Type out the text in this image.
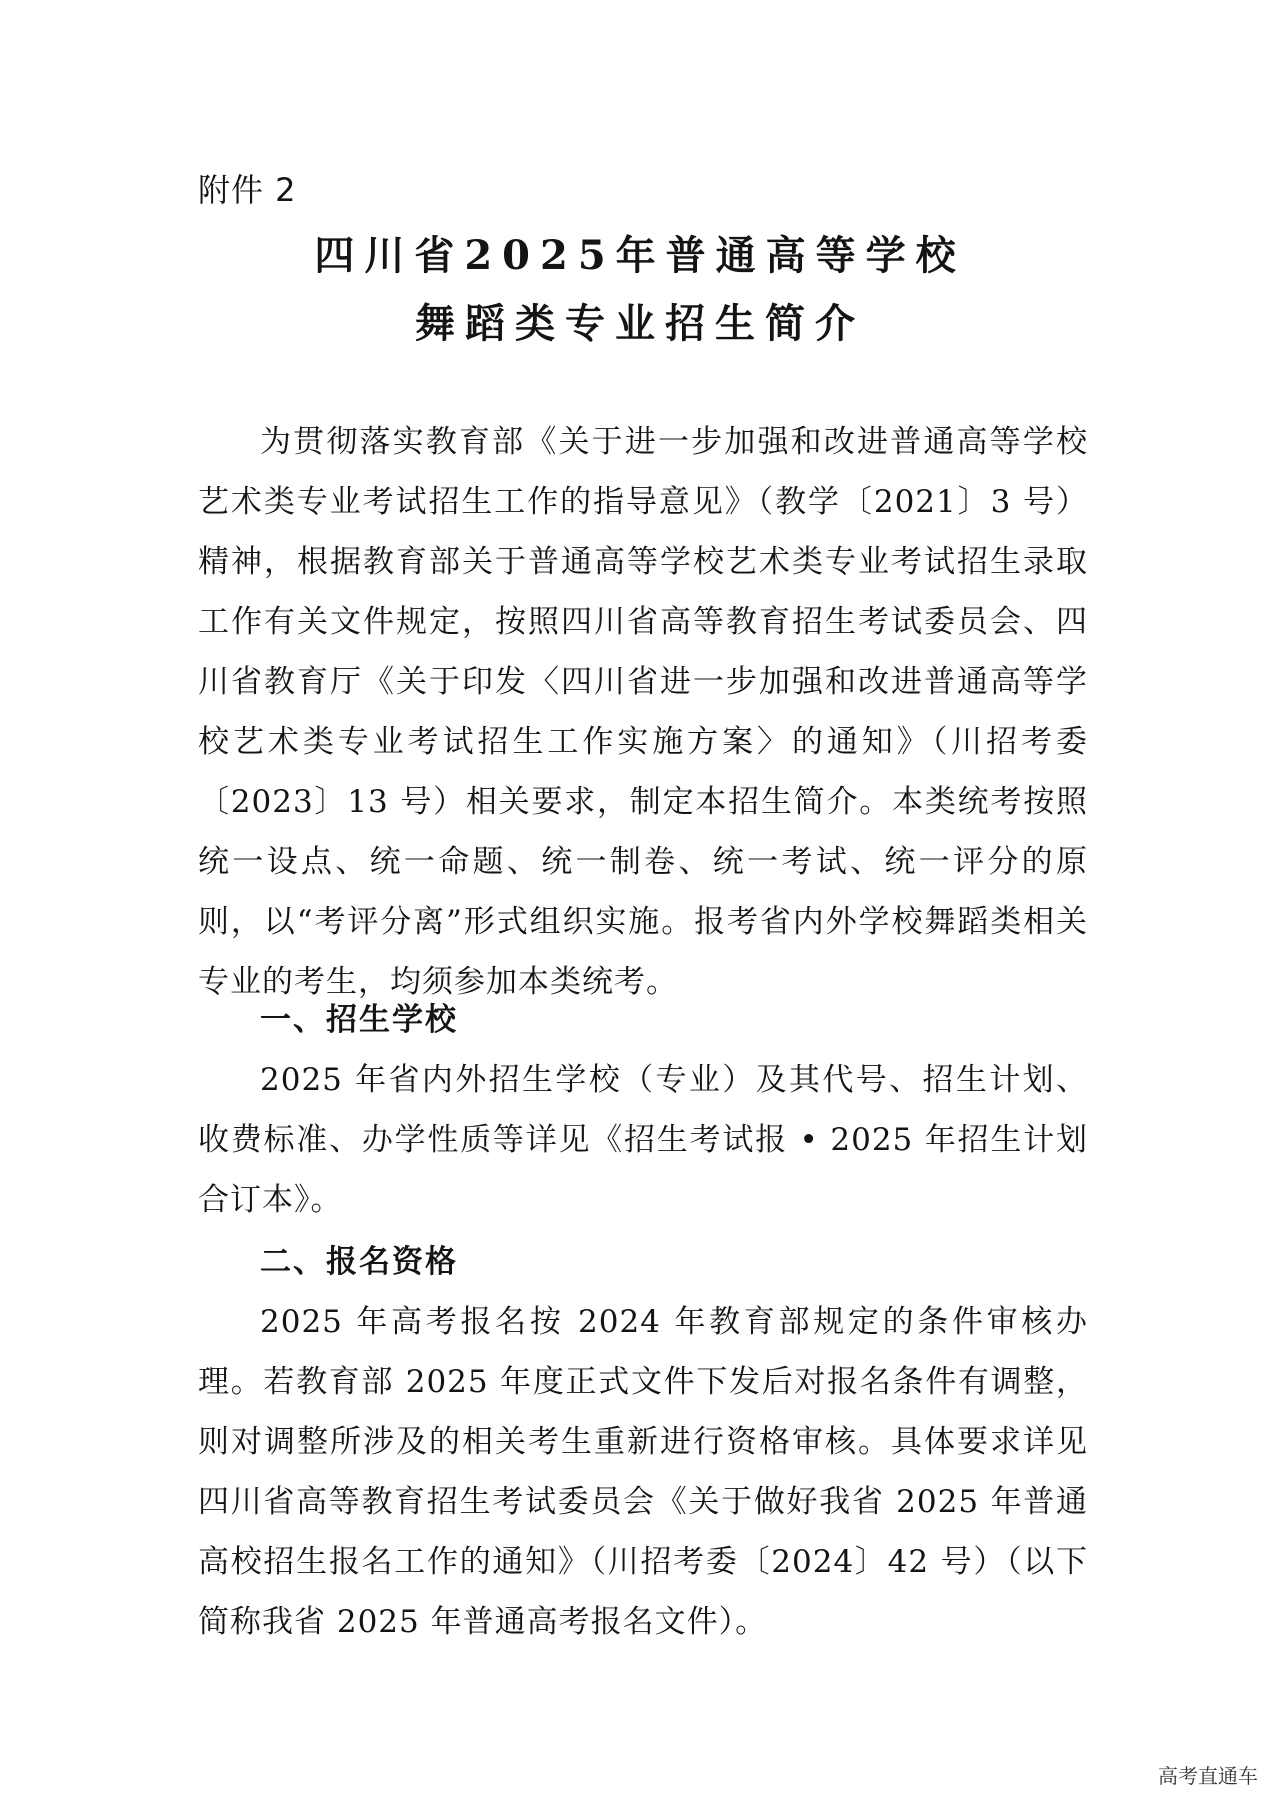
附件 2
四川省2025年普通高等学校
舞蹈类专业招生简介

为贯彻落实教育部《关于进一步加强和改进普通高等学校艺术类专业考试招生工作的指导意见》（教学〔2021〕3 号）精神，根据教育部关于普通高等学校艺术类专业考试招生录取工作有关文件规定，按照四川省高等教育招生考试委员会、四川省教育厅《关于印发〈四川省进一步加强和改进普通高等学校艺术类专业考试招生工作实施方案〉的通知》（川招考委〔2023〕13 号）相关要求，制定本招生简介。本类统考按照统一设点、统一命题、统一制卷、统一考试、统一评分的原则，以“考评分离”形式组织实施。报考省内外学校舞蹈类相关专业的考生，均须参加本类统考。

一、招生学校

2025 年省内外招生学校（专业）及其代号、招生计划、收费标准、办学性质等详见《招生考试报 • 2025 年招生计划合订本》。

二、报名资格

2025 年高考报名按 2024 年教育部规定的条件审核办理。若教育部 2025 年度正式文件下发后对报名条件有调整，则对调整所涉及的相关考生重新进行资格审核。具体要求详见四川省高等教育招生考试委员会《关于做好我省 2025 年普通高校招生报名工作的通知》（川招考委〔2024〕42 号）（以下简称我省 2025 年普通高考报名文件）。

高考直通车
